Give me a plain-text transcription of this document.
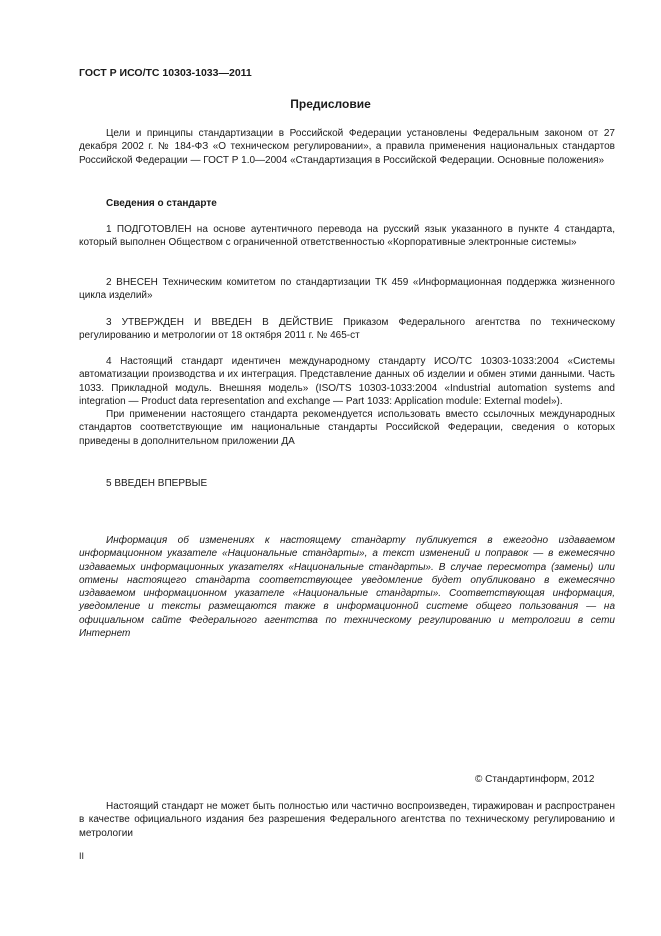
ГОСТ Р ИСО/ТС 10303-1033—2011
Предисловие

Цели и принципы стандартизации в Российской Федерации установлены Федеральным законом от 27 декабря 2002 г. № 184-ФЗ «О техническом регулировании», а правила применения национальных стандартов Российской Федерации — ГОСТ Р 1.0—2004 «Стандартизация в Российской Федерации. Основные положения»

Сведения о стандарте

1 ПОДГОТОВЛЕН на основе аутентичного перевода на русский язык указанного в пункте 4 стандарта, который выполнен Обществом с ограниченной ответственностью «Корпоративные электронные системы»

2 ВНЕСЕН Техническим комитетом по стандартизации ТК 459 «Информационная поддержка жизненного цикла изделий»

3 УТВЕРЖДЕН И ВВЕДЕН В ДЕЙСТВИЕ Приказом Федерального агентства по техническому регулированию и метрологии от 18 октября 2011 г. № 465-ст

4 Настоящий стандарт идентичен международному стандарту ИСО/ТС 10303-1033:2004 «Системы автоматизации производства и их интеграция. Представление данных об изделии и обмен этими данными. Часть 1033. Прикладной модуль. Внешняя модель» (ISO/TS 10303-1033:2004 «Industrial automation systems and integration — Product data representation and exchange — Part 1033: Application module: External model»).

При применении настоящего стандарта рекомендуется использовать вместо ссылочных международных стандартов соответствующие им национальные стандарты Российской Федерации, сведения о которых приведены в дополнительном приложении ДА

5 ВВЕДЕН ВПЕРВЫЕ

Информация об изменениях к настоящему стандарту публикуется в ежегодно издаваемом информационном указателе «Национальные стандарты», а текст изменений и поправок — в ежемесячно издаваемых информационных указателях «Национальные стандарты». В случае пересмотра (замены) или отмены настоящего стандарта соответствующее уведомление будет опубликовано в ежемесячно издаваемом информационном указателе «Национальные стандарты». Соответствующая информация, уведомление и тексты размещаются также в информационной системе общего пользования — на официальном сайте Федерального агентства по техническому регулированию и метрологии в сети Интернет

© Стандартинформ, 2012

Настоящий стандарт не может быть полностью или частично воспроизведен, тиражирован и распространен в качестве официального издания без разрешения Федерального агентства по техническому регулированию и метрологии

II
